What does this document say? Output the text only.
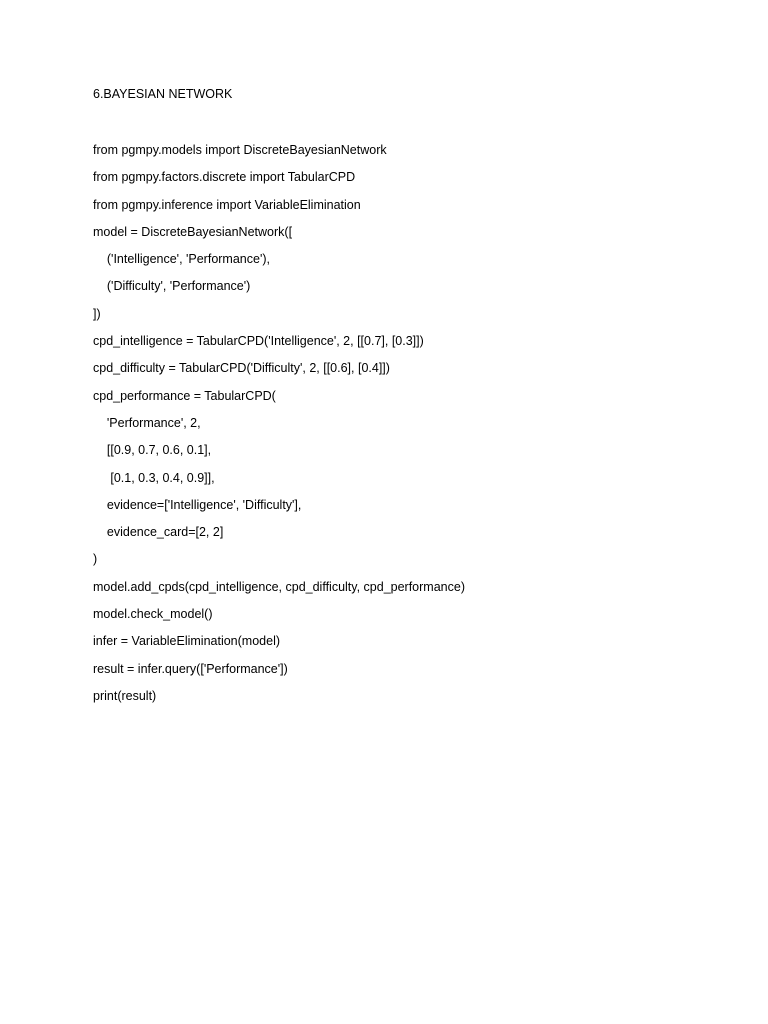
6.BAYESIAN NETWORK
from pgmpy.models import DiscreteBayesianNetwork
from pgmpy.factors.discrete import TabularCPD
from pgmpy.inference import VariableElimination
model = DiscreteBayesianNetwork([
('Intelligence', 'Performance'),
('Difficulty', 'Performance')
])
cpd_intelligence = TabularCPD('Intelligence', 2, [[0.7], [0.3]])
cpd_difficulty = TabularCPD('Difficulty', 2, [[0.6], [0.4]])
cpd_performance = TabularCPD(
'Performance', 2,
[[0.9, 0.7, 0.6, 0.1],
[0.1, 0.3, 0.4, 0.9]],
evidence=['Intelligence', 'Difficulty'],
evidence_card=[2, 2]
)
model.add_cpds(cpd_intelligence, cpd_difficulty, cpd_performance)
model.check_model()
infer = VariableElimination(model)
result = infer.query(['Performance'])
print(result)
